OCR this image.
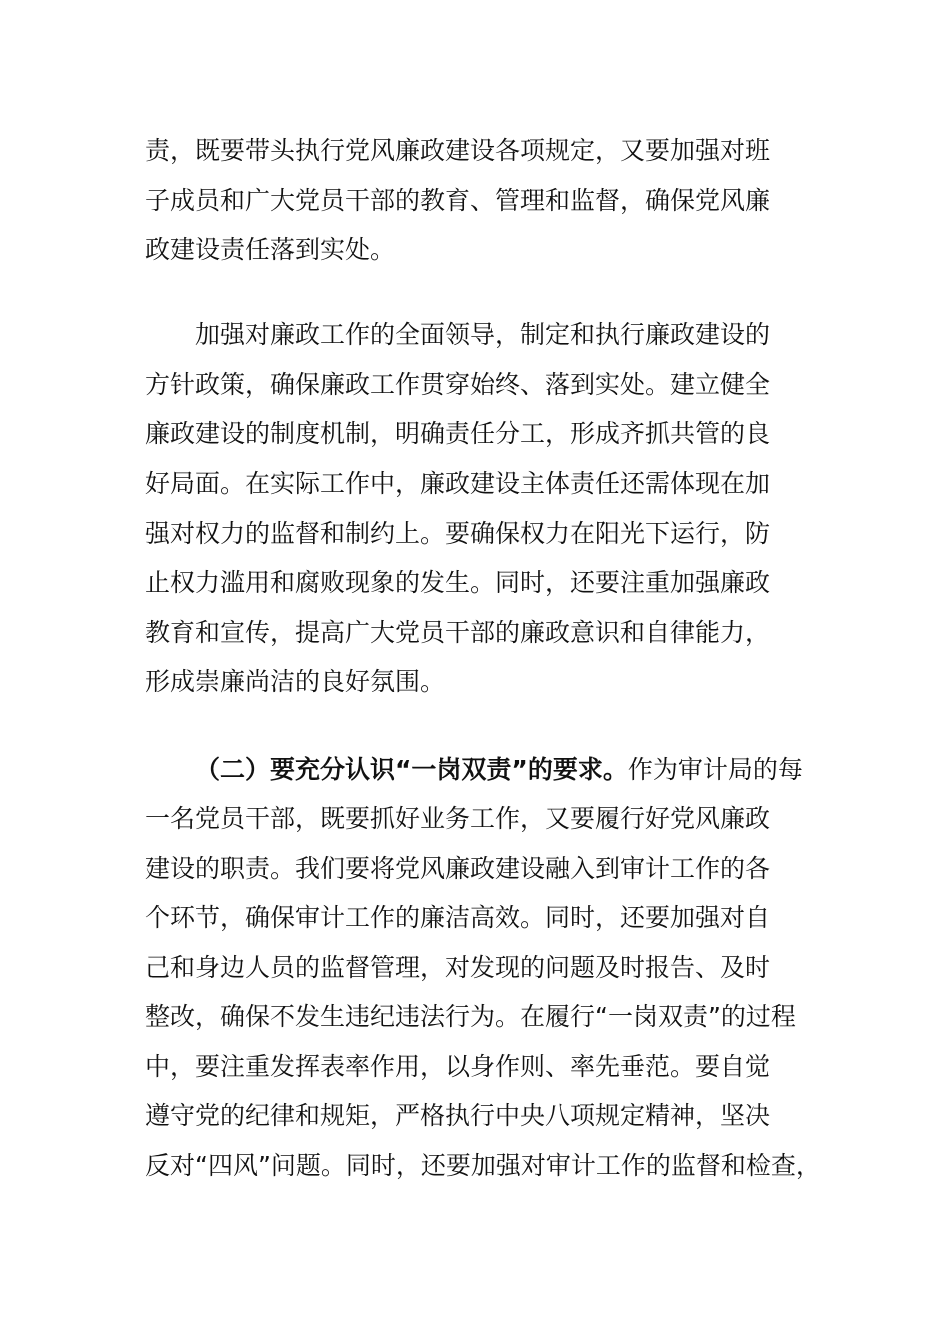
责，既要带头执行党风廉政建设各项规定，又要加强对班
子成员和广大党员干部的教育、管理和监督，确保党风廉
政建设责任落到实处。
加强对廉政工作的全面领导，制定和执行廉政建设的
方针政策，确保廉政工作贯穿始终、落到实处。建立健全
廉政建设的制度机制，明确责任分工，形成齐抓共管的良
好局面。在实际工作中，廉政建设主体责任还需体现在加
强对权力的监督和制约上。要确保权力在阳光下运行，防
止权力滥用和腐败现象的发生。同时，还要注重加强廉政
教育和宣传，提高广大党员干部的廉政意识和自律能力，
形成崇廉尚洁的良好氛围。
（二）要充分认识“一岗双责”的要求。作为审计局的每
一名党员干部，既要抓好业务工作，又要履行好党风廉政
建设的职责。我们要将党风廉政建设融入到审计工作的各
个环节，确保审计工作的廉洁高效。同时，还要加强对自
己和身边人员的监督管理，对发现的问题及时报告、及时
整改，确保不发生违纪违法行为。在履行“一岗双责”的过程
中，要注重发挥表率作用，以身作则、率先垂范。要自觉
遵守党的纪律和规矩，严格执行中央八项规定精神，坚决
反对“四风”问题。同时，还要加强对审计工作的监督和检查，
